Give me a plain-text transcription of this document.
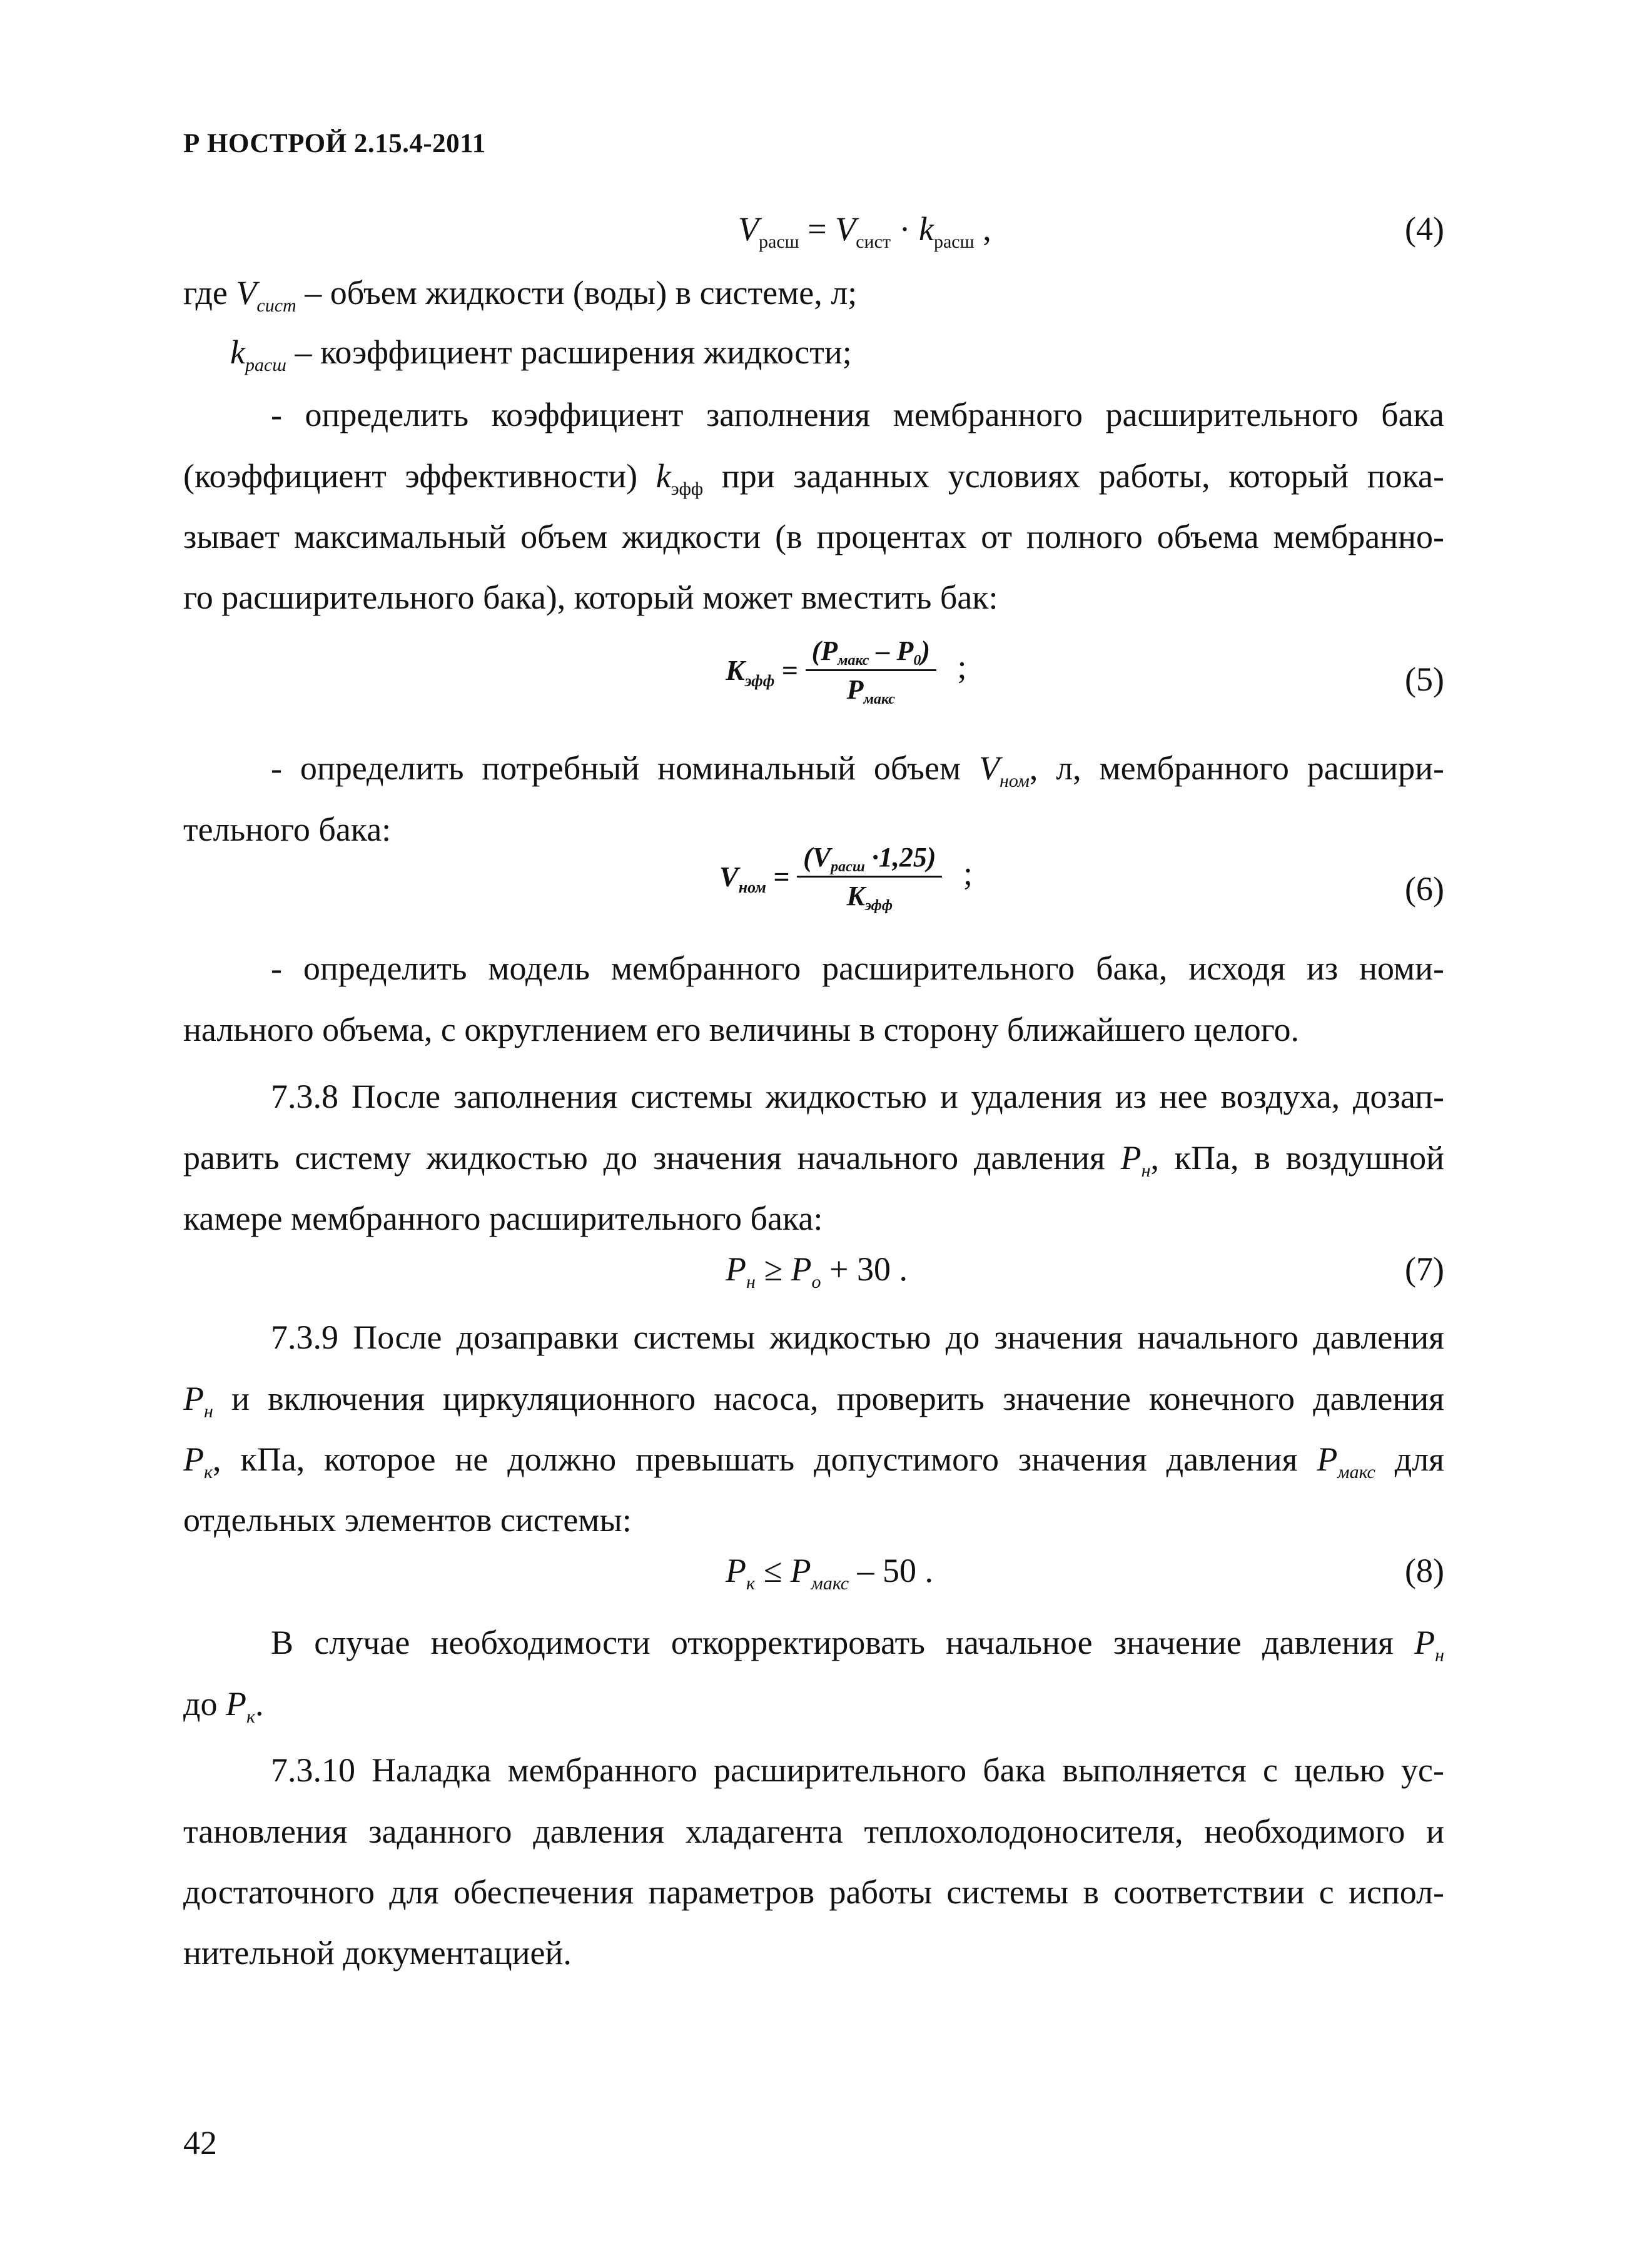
Р НОСТРОЙ 2.15.4-2011
$V_{расш} = V_{сист} \cdot k_{расш}$ ,	(4)
где $V_{сист}$ – объем жидкости (воды) в системе, л;
$k_{расш}$ – коэффициент расширения жидкости;

- определить коэффициент заполнения мембранного расширительного бака

(коэффициент эффективности) $k_{эфф}$ при заданных условиях работы, который пока-

зывает максимальный объем жидкости (в процентах от полного объема мембранно-

го расширительного бака), который может вместить бак:

$K_{эфф} = \frac{(P_{макс} - P_0)}{P_{макс}}$ ;	(5)

- определить потребный номинальный объем $V_{ном}$, л, мембранного расшири-

тельного бака:

$V_{ном} = \frac{(V_{расш} \cdot 1,25)}{K_{эфф}}$ ;	(6)

- определить модель мембранного расширительного бака, исходя из номи-

нального объема, с округлением его величины в сторону ближайшего целого.

7.3.8 После заполнения системы жидкостью и удаления из нее воздуха, дозап-

равить систему жидкостью до значения начального давления $P_н$, кПа, в воздушной

камере мембранного расширительного бака:

$P_н \ge P_о + 30$ .	(7)

7.3.9 После дозаправки системы жидкостью до значения начального давления

$P_н$ и включения циркуляционного насоса, проверить значение конечного давления

$P_к$, кПа, которое не должно превышать допустимого значения давления $P_{макс}$ для

отдельных элементов системы:

$P_к \le P_{макс} - 50$ .	(8)

В случае необходимости откорректировать начальное значение давления $P_н$

до $P_к$.

7.3.10 Наладка мембранного расширительного бака выполняется с целью ус-

тановления заданного давления хладагента теплохолодоносителя, необходимого и

достаточного для обеспечения параметров работы системы в соответствии с испол-

нительной документацией.

42
